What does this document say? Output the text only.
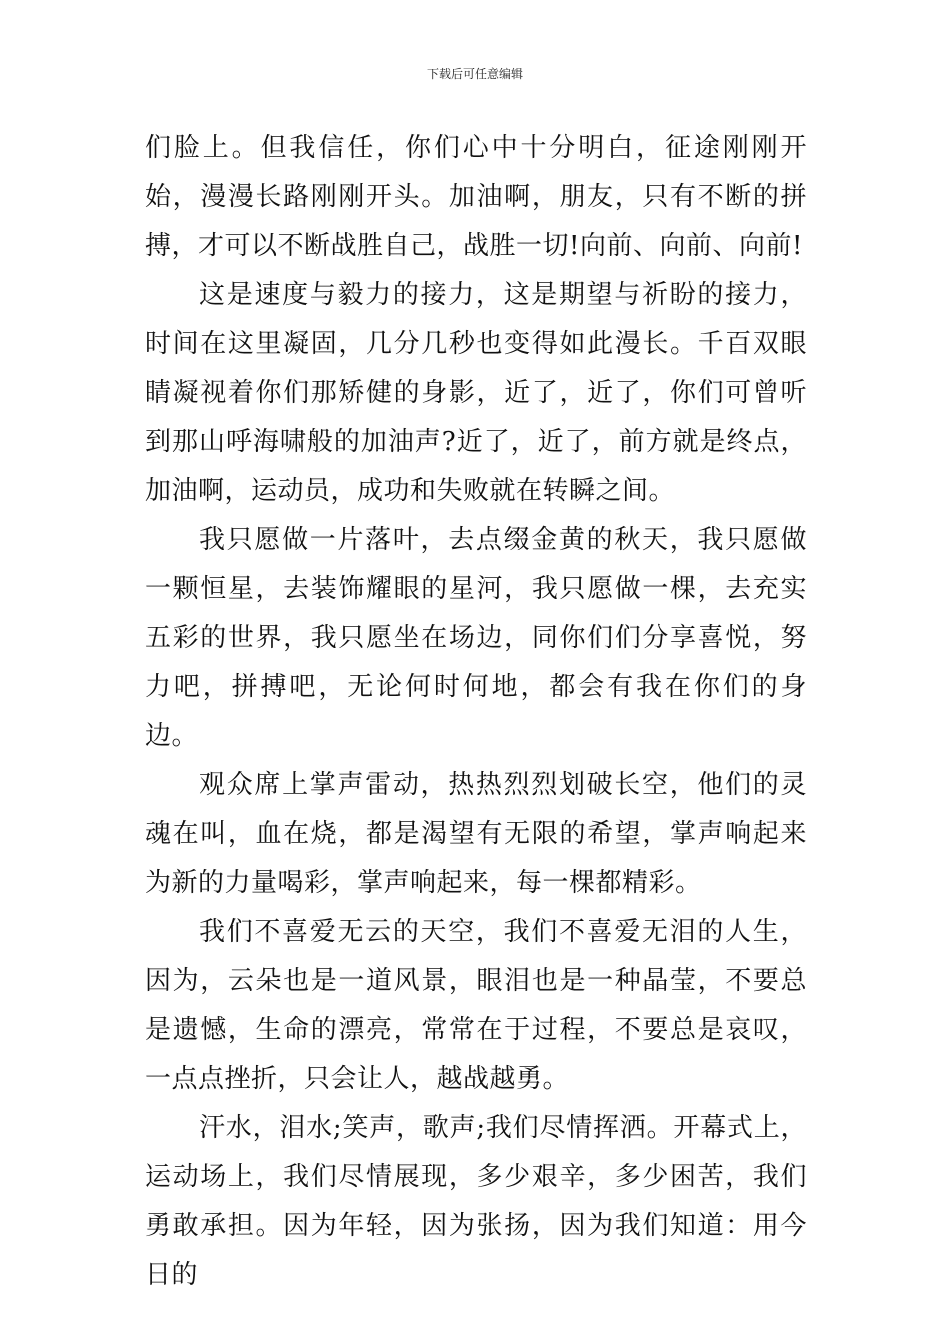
下载后可任意编辑

们脸上。但我信任，你们心中十分明白，征途刚刚开始，漫漫长路刚刚开头。加油啊，朋友，只有不断的拼搏，才可以不断战胜自己，战胜一切!向前、向前、向前!

这是速度与毅力的接力，这是期望与祈盼的接力，时间在这里凝固，几分几秒也变得如此漫长。千百双眼睛凝视着你们那矫健的身影，近了，近了，你们可曾听到那山呼海啸般的加油声?近了，近了，前方就是终点，加油啊，运动员，成功和失败就在转瞬之间。

我只愿做一片落叶，去点缀金黄的秋天，我只愿做一颗恒星，去装饰耀眼的星河，我只愿做一棵，去充实五彩的世界，我只愿坐在场边，同你们们分享喜悦，努力吧，拼搏吧，无论何时何地，都会有我在你们的身边。

观众席上掌声雷动，热热烈烈划破长空，他们的灵魂在叫，血在烧，都是渴望有无限的希望，掌声响起来为新的力量喝彩，掌声响起来，每一棵都精彩。

我们不喜爱无云的天空，我们不喜爱无泪的人生，因为，云朵也是一道风景，眼泪也是一种晶莹，不要总是遗憾，生命的漂亮，常常在于过程，不要总是哀叹，一点点挫折，只会让人，越战越勇。

汗水，泪水;笑声，歌声;我们尽情挥洒。开幕式上，运动场上，我们尽情展现，多少艰辛，多少困苦，我们勇敢承担。因为年轻，因为张扬，因为我们知道：用今日的
